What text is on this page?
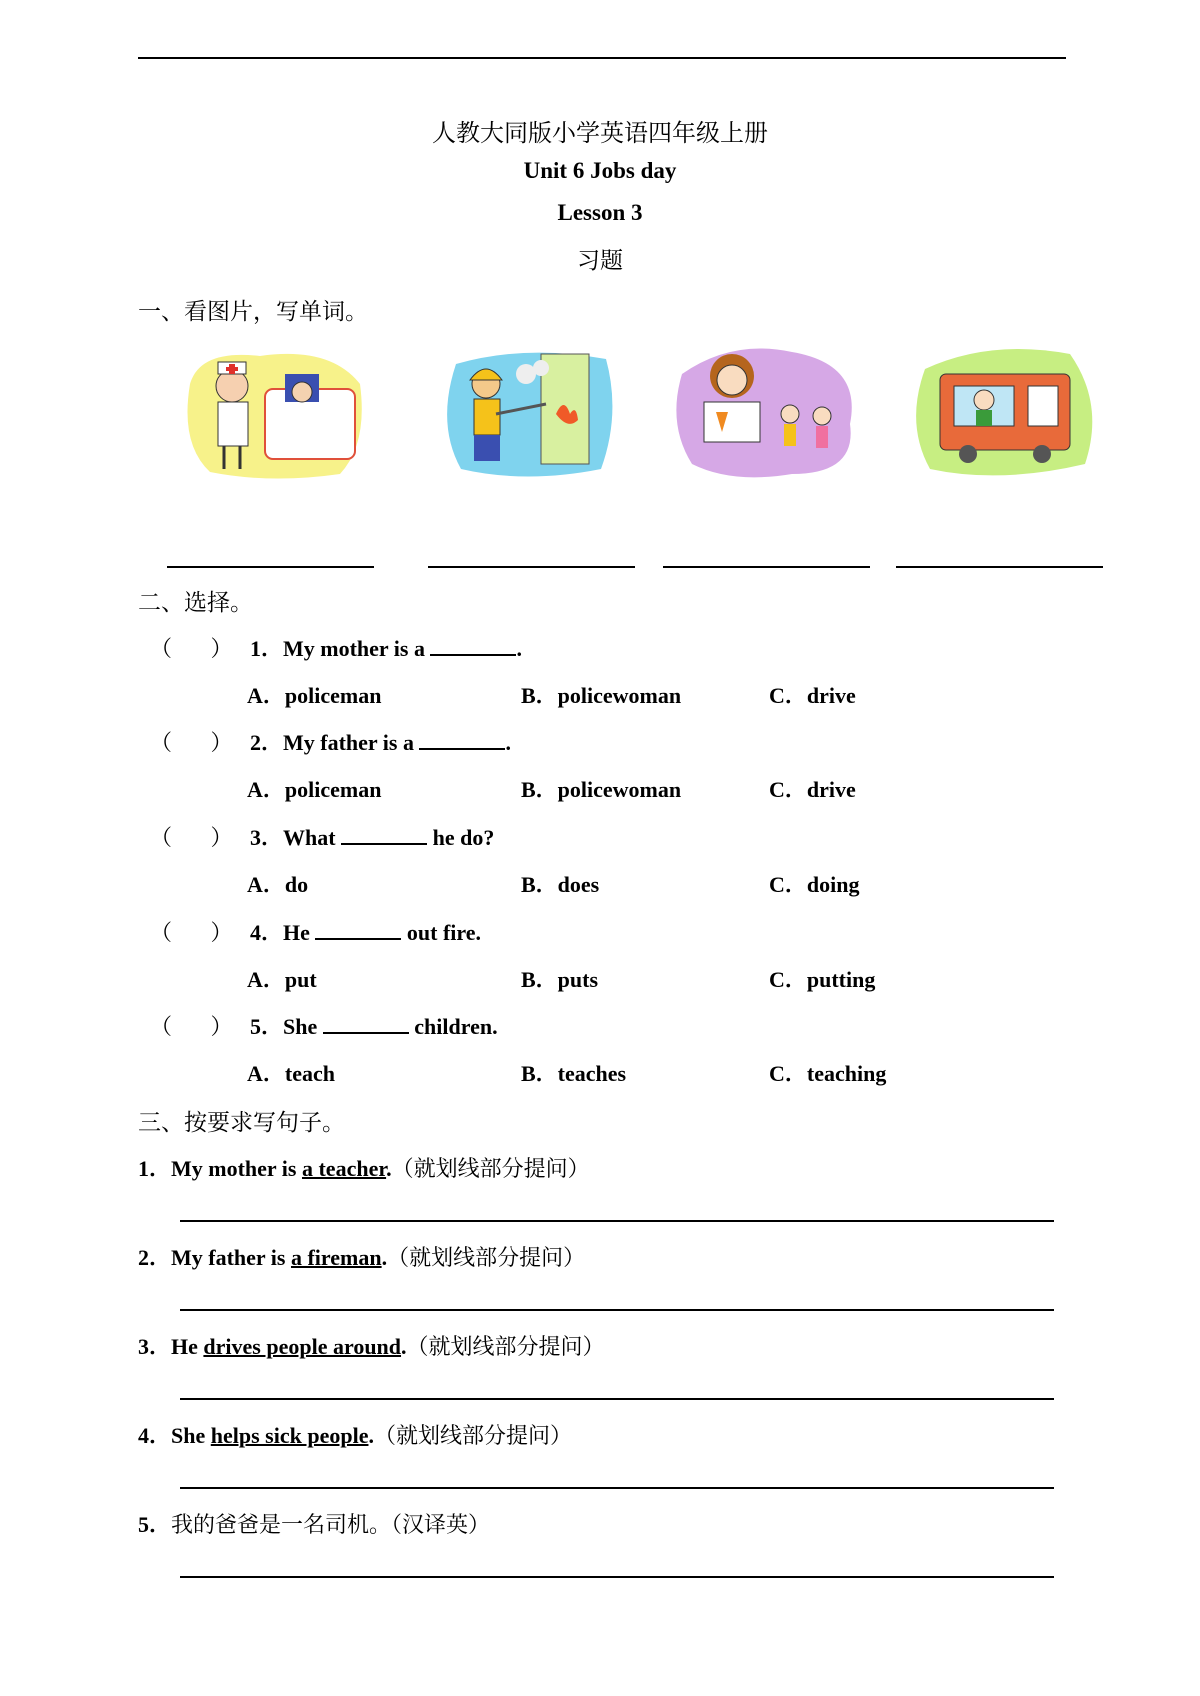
人教大同版小学英语四年级上册
Unit 6 Jobs day
Lesson 3
习题
一、看图片，写单词。
二、选择。
（       ） 1．My mother is a	.
A．policeman	B．policewoman	C．drive
（       ） 2．My father is a	.
A．policeman	B．policewoman	C．drive
（       ） 3．What	he do?
A．do	B．does	C．doing
（       ） 4．He	out fire.
A．put	B．puts	C．putting
（       ） 5．She	children.
A．teach	B．teaches	C．teaching
三、按要求写句子。
1．My mother is a teacher.（就划线部分提问）
2．My father is a fireman.（就划线部分提问）
3．He drives people around.（就划线部分提问）
4．She helps sick people.（就划线部分提问）
5．我的爸爸是一名司机。（汉译英）
